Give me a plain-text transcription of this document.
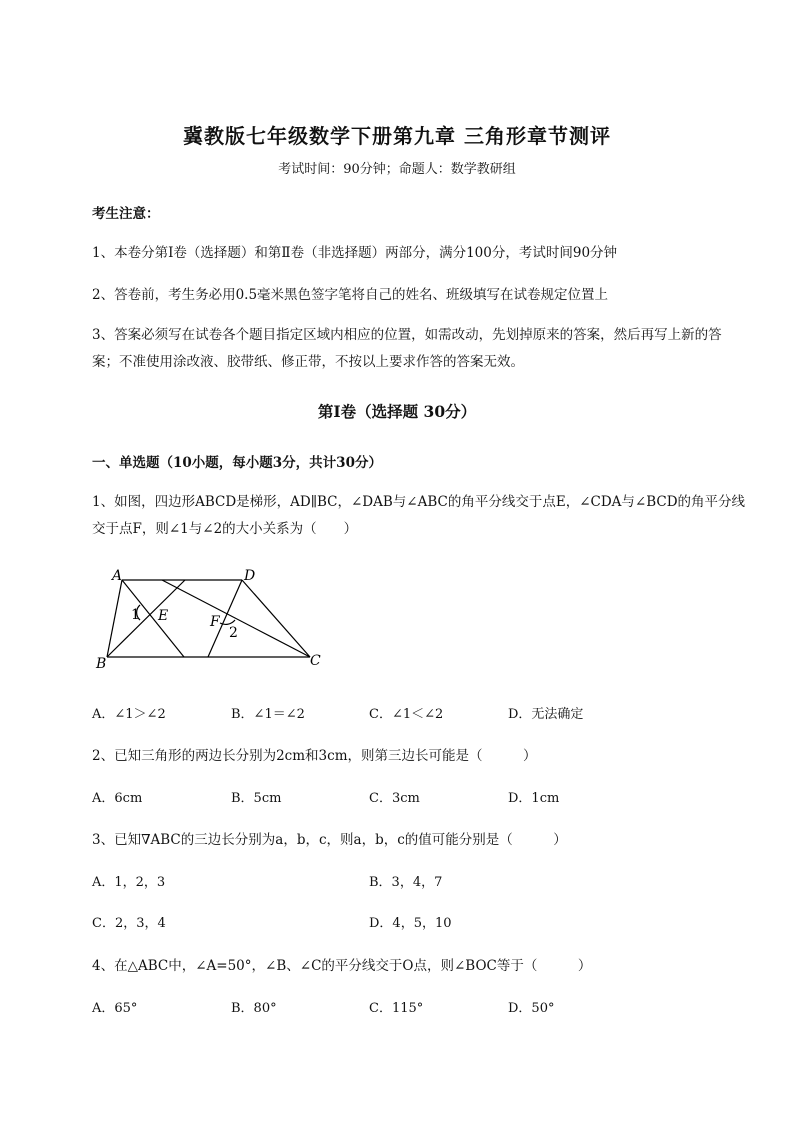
冀教版七年级数学下册第九章 三角形章节测评
考试时间：90分钟；命题人：数学教研组
考生注意：
1、本卷分第I卷（选择题）和第Ⅱ卷（非选择题）两部分，满分100分，考试时间90分钟
2、答卷前，考生务必用0.5毫米黑色签字笔将自己的姓名、班级填写在试卷规定位置上
3、答案必须写在试卷各个题目指定区域内相应的位置，如需改动，先划掉原来的答案，然后再写上新的答案；不准使用涂改液、胶带纸、修正带，不按以上要求作答的答案无效。
第I卷（选择题 30分）
一、单选题（10小题，每小题3分，共计30分）
1、如图，四边形ABCD是梯形，AD∥BC，∠DAB与∠ABC的角平分线交于点E，∠CDA与∠BCD的角平分线交于点F，则∠1与∠2的大小关系为（　　）
A	D
B	C
E	F
1
2
A．∠1＞∠2	B．∠1＝∠2	C．∠1＜∠2	D．无法确定
2、已知三角形的两边长分别为2cm和3cm，则第三边长可能是（　　　）
A．6cm	B．5cm	C．3cm	D．1cm
3、已知∇ABC的三边长分别为a，b，c，则a，b，c的值可能分别是（　　　）
A．1，2，3	B．3，4，7
C．2，3，4	D．4，5，10
4、在△ABC中，∠A=50°，∠B、∠C的平分线交于O点，则∠BOC等于（　　　）
A．65°	B．80°	C．115°	D．50°
